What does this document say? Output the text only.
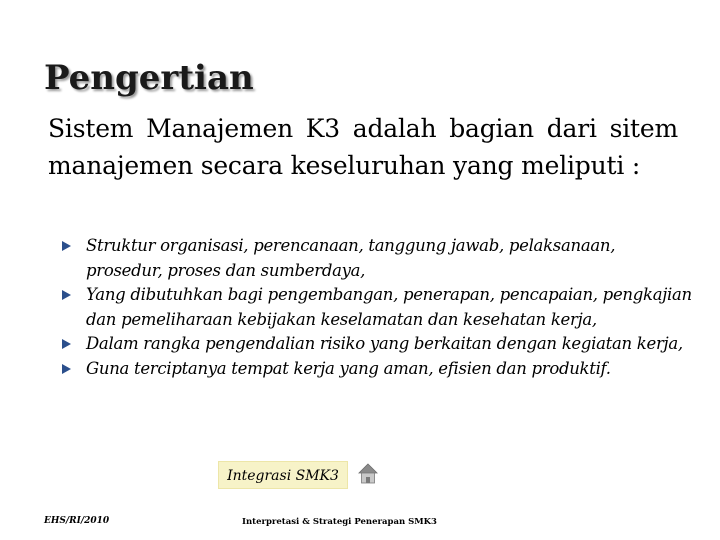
Pengertian

Sistem Manajemen K3 adalah bagian dari sitem manajemen secara keseluruhan yang meliputi :

Struktur organisasi, perencanaan, tanggung jawab, pelaksanaan, prosedur, proses dan sumberdaya,
Yang dibutuhkan bagi pengembangan, penerapan, pencapaian, pengkajian dan pemeliharaan kebijakan keselamatan dan kesehatan kerja,
Dalam rangka pengendalian risiko yang berkaitan dengan kegiatan kerja,
Guna terciptanya tempat kerja yang aman, efisien dan produktif.
Integrasi SMK3
EHS/RI/2010	Interpretasi & Strategi Penerapan SMK3
